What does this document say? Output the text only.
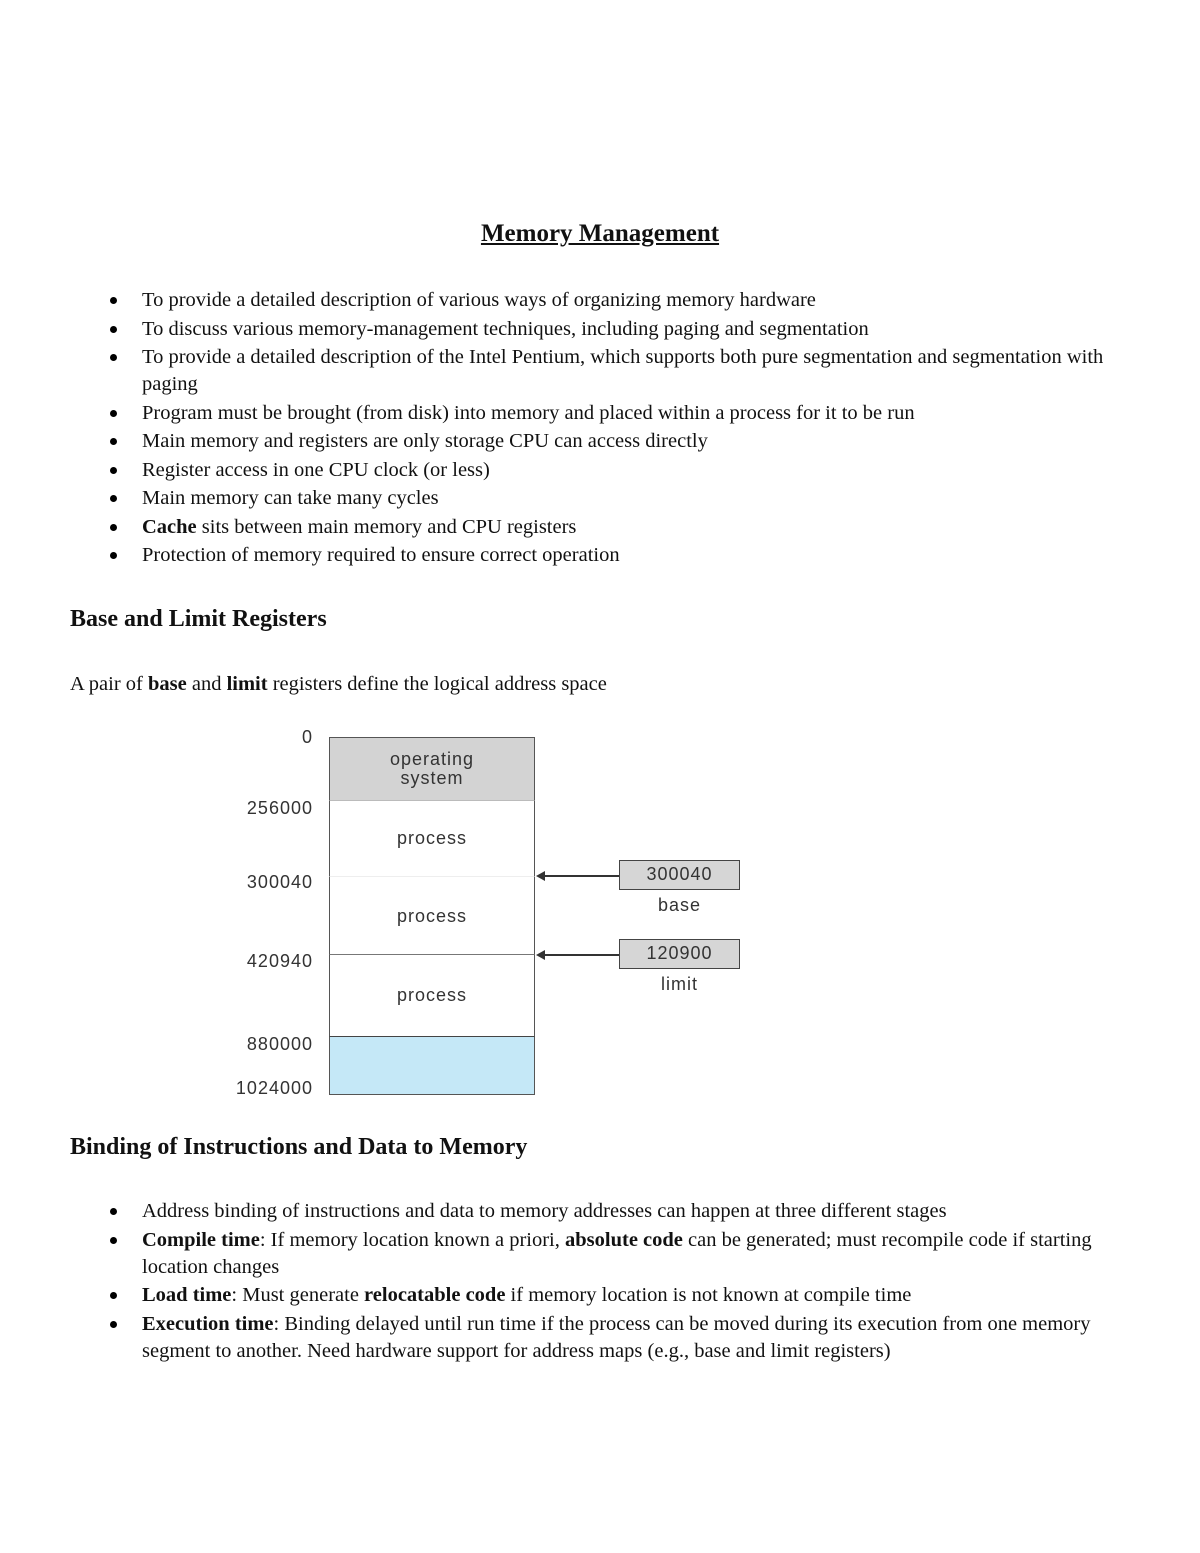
Memory Management
To provide a detailed description of various ways of organizing memory hardware
To discuss various memory-management techniques, including paging and segmentation
To provide a detailed description of the Intel Pentium, which supports both pure segmentation and segmentation with paging
Program must be brought (from disk) into memory and placed within a process for it to be run
Main memory and registers are only storage CPU can access directly
Register access in one CPU clock (or less)
Main memory can take many cycles
Cache sits between main memory and CPU registers
Protection of memory required to ensure correct operation
Base and Limit Registers
A pair of base and limit registers define the logical address space
0
256000
300040
420940
880000
1024000
operating system
process
process
process
300040
base
120900
limit
Binding of Instructions and Data to Memory
Address binding of instructions and data to memory addresses can happen at three different stages
Compile time: If memory location known a priori, absolute code can be generated; must recompile code if starting location changes
Load time: Must generate relocatable code if memory location is not known at compile time
Execution time: Binding delayed until run time if the process can be moved during its execution from one memory segment to another. Need hardware support for address maps (e.g., base and limit registers)
